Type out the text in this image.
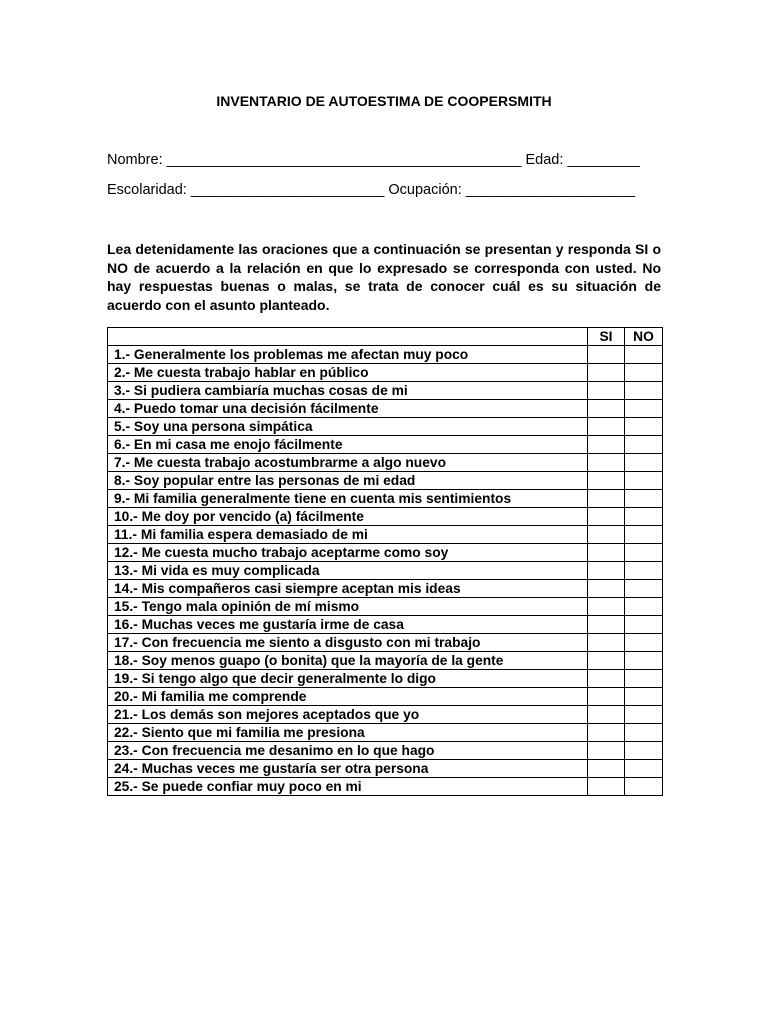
INVENTARIO DE AUTOESTIMA DE COOPERSMITH
Nombre: ____________________________________________ Edad: _________
Escolaridad: ________________________ Ocupación: _____________________

Lea detenidamente las oraciones que a continuación se presentan y responda SI o NO de acuerdo a la relación en que lo expresado se corresponda con usted. No hay respuestas buenas o malas, se trata de conocer cuál es su situación de acuerdo con el asunto planteado.

	SI	NO
1.- Generalmente los problemas me afectan muy poco		
2.- Me cuesta trabajo hablar en público		
3.- Si pudiera cambiaría muchas cosas de mi		
4.- Puedo tomar una decisión fácilmente		
5.- Soy una persona simpática		
6.- En mi casa me enojo fácilmente		
7.- Me cuesta trabajo acostumbrarme a algo nuevo		
8.- Soy popular entre las personas de mi edad		
9.- Mi familia generalmente tiene en cuenta mis sentimientos		
10.- Me doy por vencido (a) fácilmente		
11.- Mi familia espera demasiado de mi		
12.- Me cuesta mucho trabajo aceptarme como soy		
13.- Mi vida es muy complicada		
14.- Mis compañeros casi siempre aceptan mis ideas		
15.- Tengo mala opinión de mí mismo		
16.- Muchas veces me gustaría irme de casa		
17.- Con frecuencia me siento a disgusto con mi trabajo		
18.- Soy menos guapo (o bonita) que la mayoría de la gente		
19.- Si tengo algo que decir generalmente lo digo		
20.- Mi familia me comprende		
21.- Los demás son mejores aceptados que yo		
22.- Siento que mi familia me presiona		
23.- Con frecuencia me desanimo en lo que hago		
24.- Muchas veces me gustaría ser otra persona		
25.- Se puede confiar muy poco en mi		
